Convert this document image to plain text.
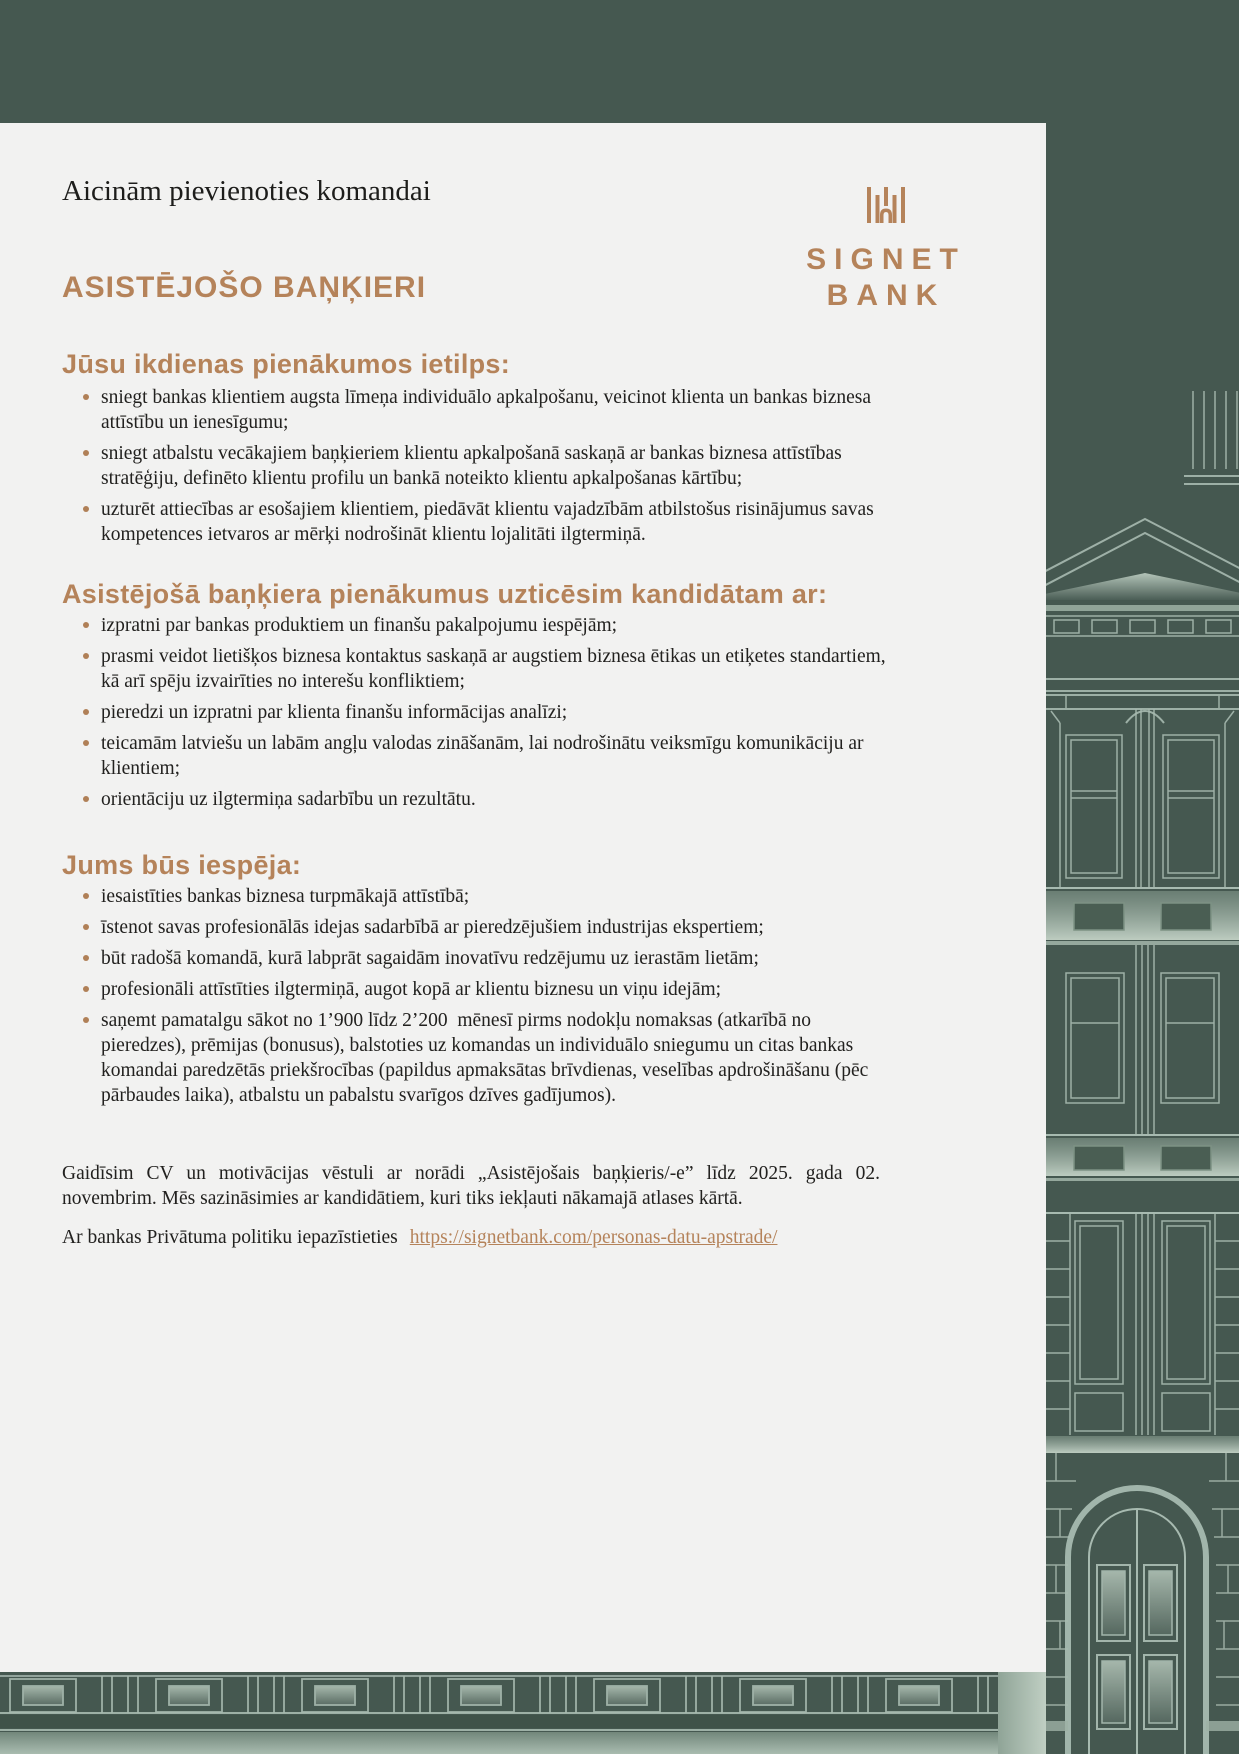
SIGNET
BANK

Aicinām pievienoties komandai

ASISTĒJOŠO BAŅĶIERI
Jūsu ikdienas pienākumos ietilps:
sniegt bankas klientiem augsta līmeņa individuālo apkalpošanu, veicinot klienta un bankas biznesa attīstību un ienesīgumu;
sniegt atbalstu vecākajiem baņķieriem klientu apkalpošanā saskaņā ar bankas biznesa attīstības stratēģiju, definēto klientu profilu un bankā noteikto klientu apkalpošanas kārtību;
uzturēt attiecības ar esošajiem klientiem, piedāvāt klientu vajadzībām atbilstošus risinājumus savas kompetences ietvaros ar mērķi nodrošināt klientu lojalitāti ilgtermiņā.
Asistējošā baņķiera pienākumus uzticēsim kandidātam ar:
izpratni par bankas produktiem un finanšu pakalpojumu iespējām;
prasmi veidot lietišķos biznesa kontaktus saskaņā ar augstiem biznesa ētikas un etiķetes standartiem, kā arī spēju izvairīties no interešu konfliktiem;
pieredzi un izpratni par klienta finanšu informācijas analīzi;
teicamām latviešu un labām angļu valodas zināšanām, lai nodrošinātu veiksmīgu komunikāciju ar klientiem;
orientāciju uz ilgtermiņa sadarbību un rezultātu.
Jums būs iespēja:
iesaistīties bankas biznesa turpmākajā attīstībā;
īstenot savas profesionālās idejas sadarbībā ar pieredzējušiem industrijas ekspertiem;
būt radošā komandā, kurā labprāt sagaidām inovatīvu redzējumu uz ierastām lietām;
profesionāli attīstīties ilgtermiņā, augot kopā ar klientu biznesu un viņu idejām;
saņemt pamatalgu sākot no 1’900 līdz 2’200  mēnesī pirms nodokļu nomaksas (atkarībā no pieredzes), prēmijas (bonusus), balstoties uz komandas un individuālo sniegumu un citas bankas komandai paredzētās priekšrocības (papildus apmaksātas brīvdienas, veselības apdrošināšanu (pēc pārbaudes laika), atbalstu un pabalstu svarīgos dzīves gadījumos).

Gaidīsim CV un motivācijas vēstuli ar norādi „Asistējošais baņķieris/-e” līdz 2025. gada 02. novembrim. Mēs sazināsimies ar kandidātiem, kuri tiks iekļauti nākamajā atlases kārtā.

Ar bankas Privātuma politiku iepazīstieties https://signetbank.com/personas-datu-apstrade/
